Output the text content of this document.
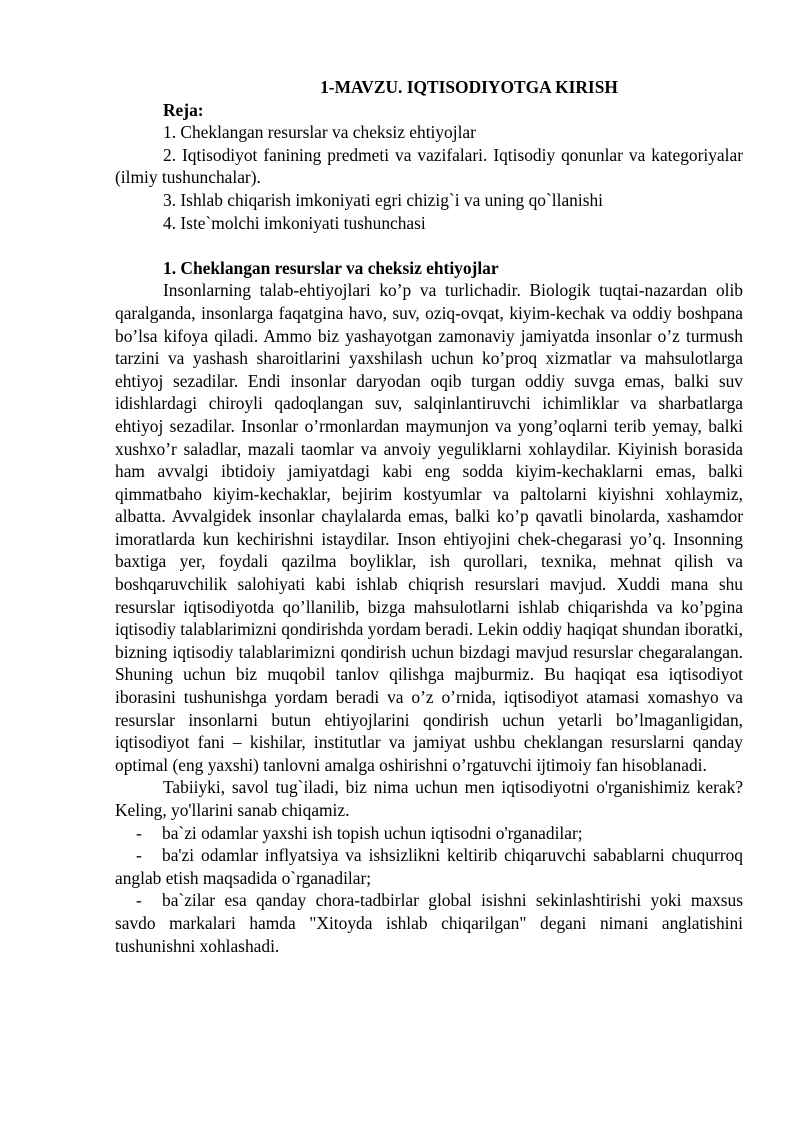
1-MAVZU. IQTISODIYOTGA KIRISH

Reja:

1. Cheklangan resurslar va cheksiz ehtiyojlar

2. Iqtisodiyot fanining predmeti va vazifalari. Iqtisodiy qonunlar va kategoriyalar (ilmiy tushunchalar).

3. Ishlab chiqarish imkoniyati egri chizig`i va uning qo`llanishi

4. Iste`molchi imkoniyati tushunchasi

1. Cheklangan resurslar va cheksiz ehtiyojlar

Insonlarning talab-ehtiyojlari ko’p va turlichadir. Biologik tuqtai-nazardan olib qaralganda, insonlarga faqatgina havo, suv, oziq-ovqat, kiyim-kechak va oddiy boshpana bo’lsa kifoya qiladi. Ammo biz yashayotgan zamonaviy jamiyatda insonlar o’z turmush tarzini va yashash sharoitlarini yaxshilash uchun ko’proq xizmatlar va mahsulotlarga ehtiyoj sezadilar. Endi insonlar daryodan oqib turgan oddiy suvga emas, balki suv idishlardagi chiroyli qadoqlangan suv, salqinlantiruvchi ichimliklar va sharbatlarga ehtiyoj sezadilar. Insonlar o’rmonlardan maymunjon va yong’oqlarni terib yemay, balki xushxo’r saladlar, mazali taomlar va anvoiy yeguliklarni xohlaydilar. Kiyinish borasida ham avvalgi ibtidoiy jamiyatdagi kabi eng sodda kiyim-kechaklarni emas, balki qimmatbaho kiyim-kechaklar, bejirim kostyumlar va paltolarni kiyishni xohlaymiz, albatta. Avvalgidek insonlar chaylalarda emas, balki ko’p qavatli binolarda, xashamdor imoratlarda kun kechirishni istaydilar. Inson ehtiyojini chek-chegarasi yo’q. Insonning baxtiga yer, foydali qazilma boyliklar, ish qurollari, texnika, mehnat qilish va boshqaruvchilik salohiyati kabi ishlab chiqrish resurslari mavjud. Xuddi mana shu resurslar iqtisodiyotda qo’llanilib, bizga mahsulotlarni ishlab chiqarishda va ko’pgina iqtisodiy talablarimizni qondirishda yordam beradi. Lekin oddiy haqiqat shundan iboratki, bizning iqtisodiy talablarimizni qondirish uchun bizdagi mavjud resurslar chegaralangan. Shuning uchun biz muqobil tanlov qilishga majburmiz. Bu haqiqat esa iqtisodiyot iborasini tushunishga yordam beradi va o’z o’rnida, iqtisodiyot atamasi xomashyo va resurslar insonlarni butun ehtiyojlarini qondirish uchun yetarli bo’lmaganligidan, iqtisodiyot fani – kishilar, institutlar va jamiyat ushbu cheklangan resurslarni qanday optimal (eng yaxshi) tanlovni amalga oshirishni o’rgatuvchi ijtimoiy fan hisoblanadi.

Tabiiyki, savol tug`iladi, biz nima uchun men iqtisodiyotni o'rganishimiz kerak? Keling, yo'llarini sanab chiqamiz.

- ba`zi odamlar yaxshi ish topish uchun iqtisodni o'rganadilar;

- ba'zi odamlar inflyatsiya va ishsizlikni keltirib chiqaruvchi sabablarni chuqurroq anglab etish maqsadida o`rganadilar;

- ba`zilar esa qanday chora-tadbirlar global isishni sekinlashtirishi yoki maxsus savdo markalari hamda "Xitoyda ishlab chiqarilgan" degani nimani anglatishini tushunishni xohlashadi.
